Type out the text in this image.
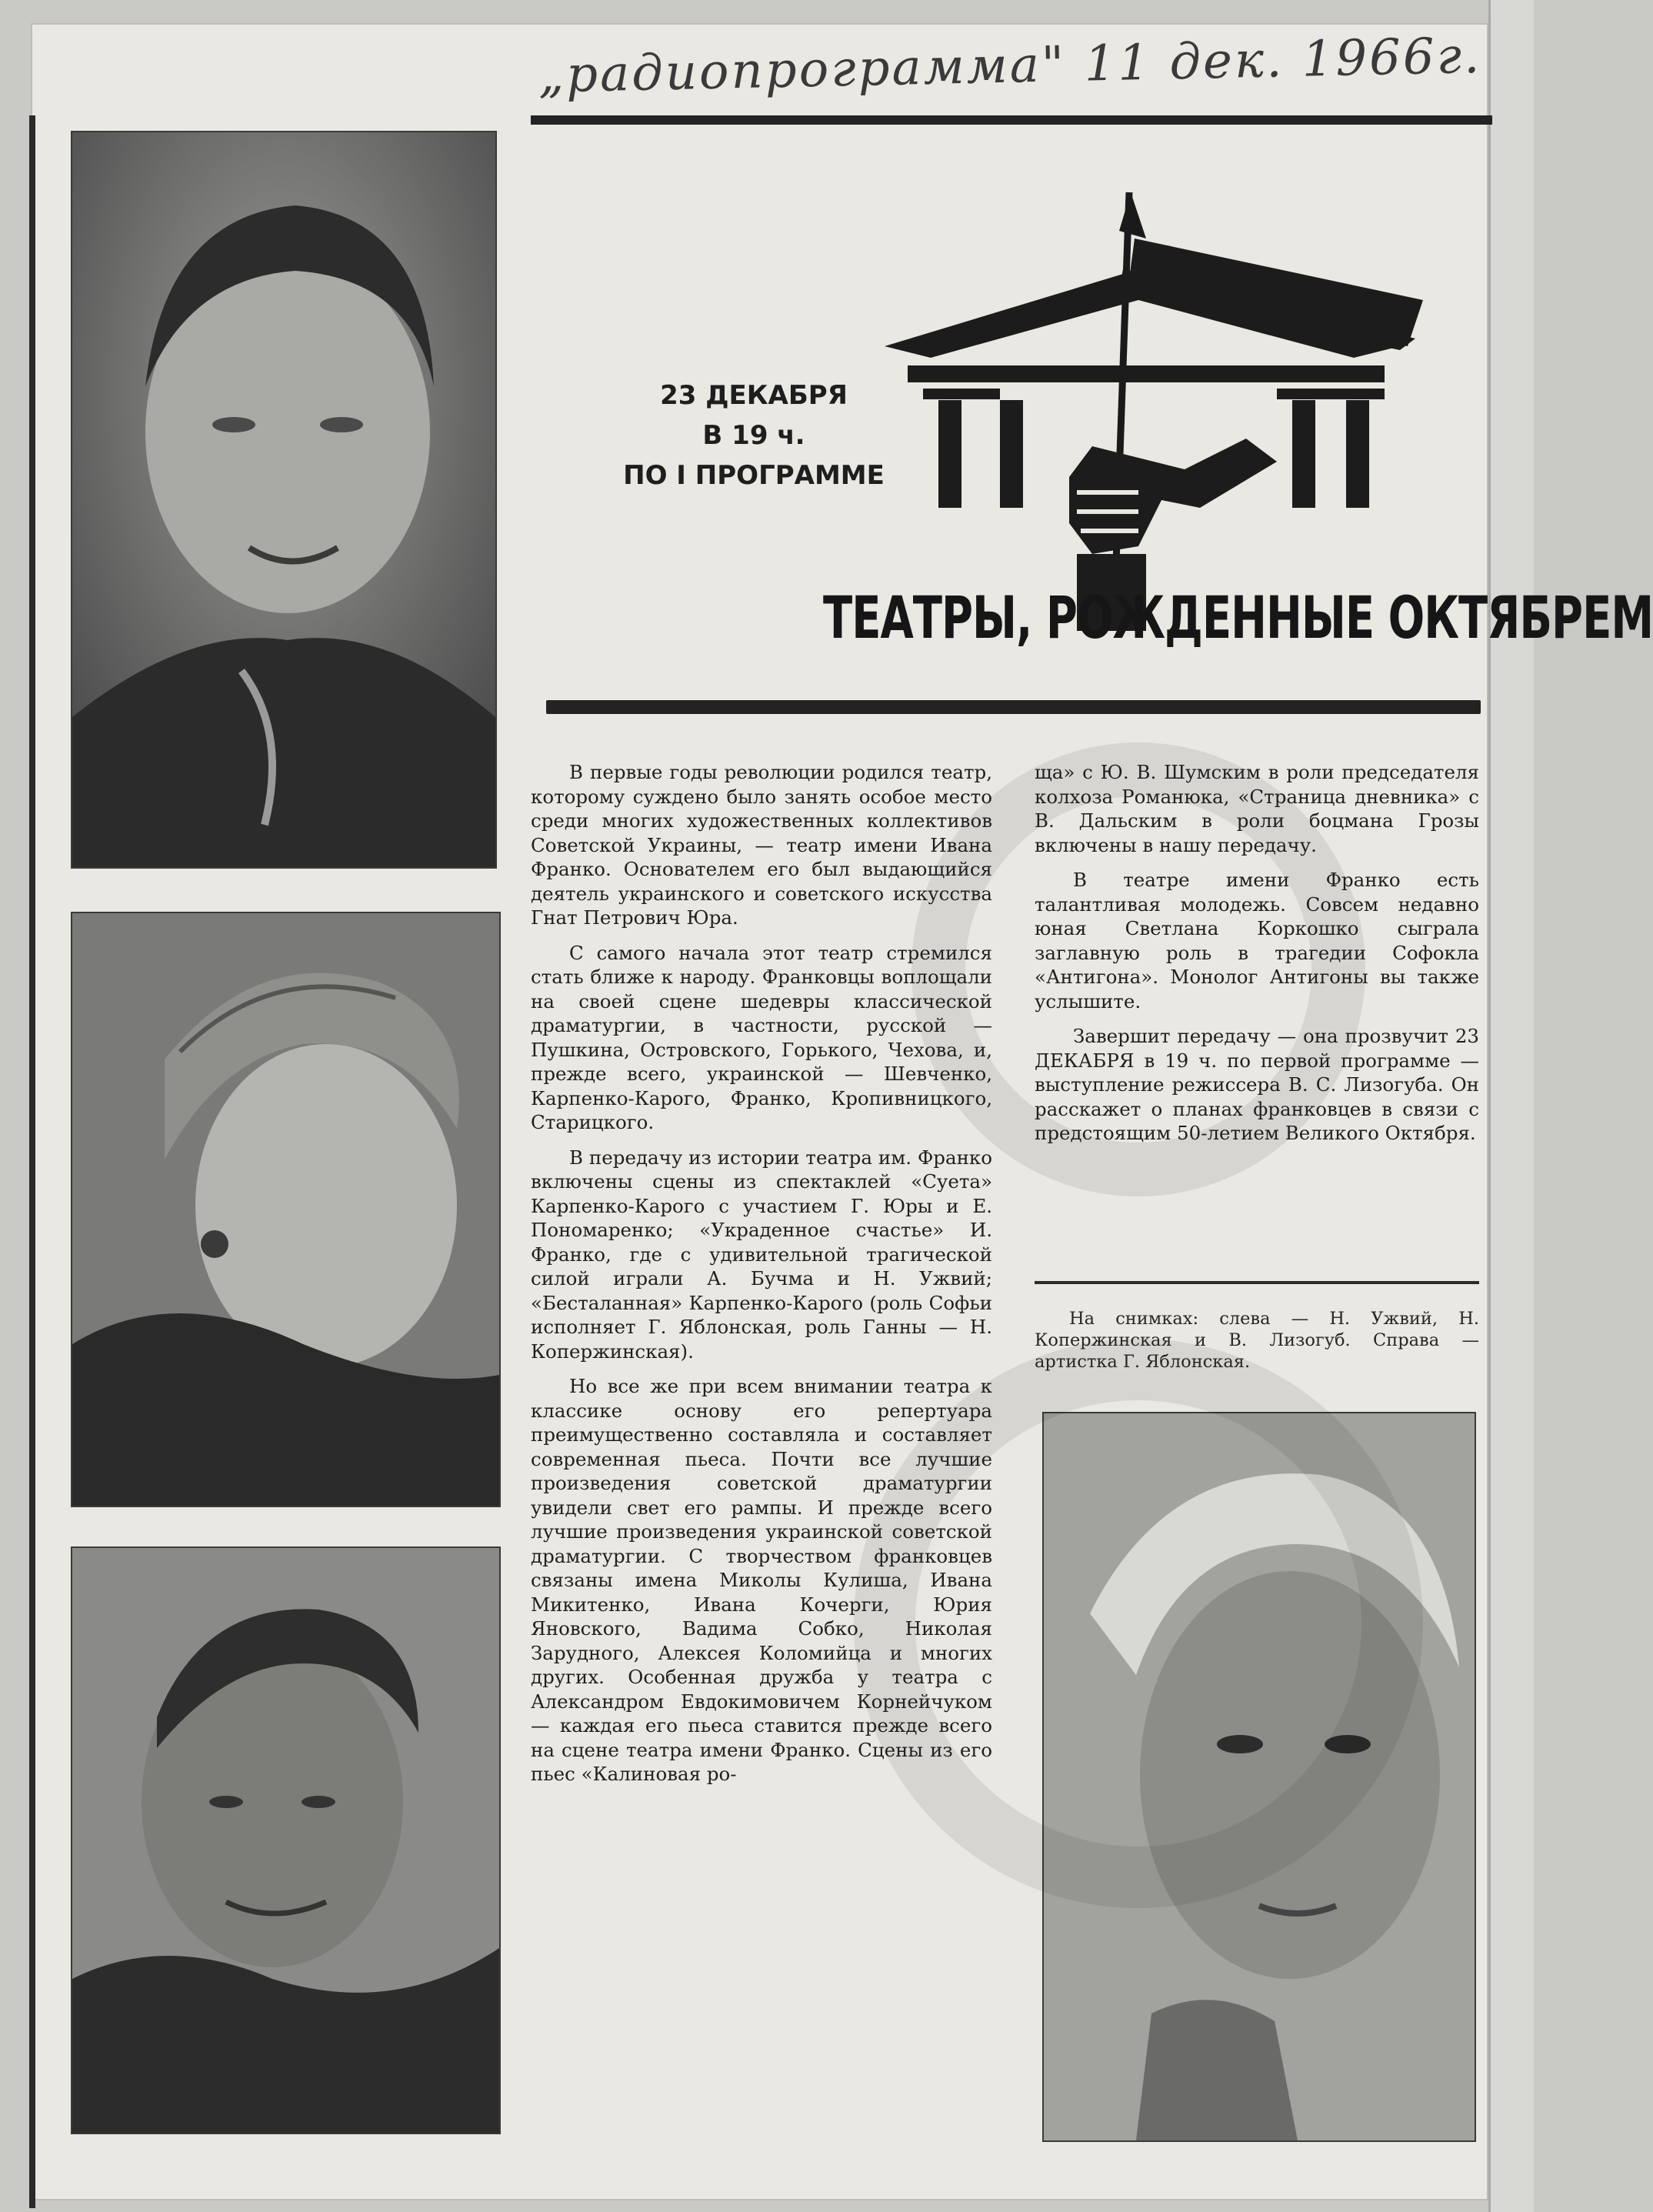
„радиопрограмма" 11 дек. 1966г.
23 ДЕКАБРЯ
В 19 ч.
ПО I ПРОГРАММЕ
ТЕАТРЫ, РОЖДЕННЫЕ ОКТЯБРЕМ

В первые годы революции родился театр, которому суждено было занять особое место среди многих художественных коллективов Советской Украины, — театр имени Ивана Франко. Основателем его был выдающийся деятель украинского и советского искусства Гнат Петрович Юра.

С самого начала этот театр стремился стать ближе к народу. Франковцы воплощали на своей сцене шедевры классической драматургии, в частности, русской — Пушкина, Островского, Горького, Чехова, и, прежде всего, украинской — Шевченко, Карпенко-Карого, Франко, Кропивницкого, Старицкого.

В передачу из истории театра им. Франко включены сцены из спектаклей «Суета» Карпенко-Карого с участием Г. Юры и Е. Пономаренко; «Украденное счастье» И. Франко, где с удивительной трагической силой играли А. Бучма и Н. Ужвий; «Бесталанная» Карпенко-Карого (роль Софьи исполняет Г. Яблонская, роль Ганны — Н. Копержинская).

Но все же при всем внимании театра к классике основу его репертуара преимущественно составляла и составляет современная пьеса. Почти все лучшие произведения советской драматургии увидели свет его рампы. И прежде всего лучшие произведения украинской советской драматургии. С творчеством франковцев связаны имена Миколы Кулиша, Ивана Микитенко, Ивана Кочерги, Юрия Яновского, Вадима Собко, Николая Зарудного, Алексея Коломийца и многих других. Особенная дружба у театра с Александром Евдокимовичем Корнейчуком — каждая его пьеса ставится прежде всего на сцене театра имени Франко. Сцены из его пьес «Калиновая ро-

ща» с Ю. В. Шумским в роли председателя колхоза Романюка, «Страница дневника» с В. Дальским в роли боцмана Грозы включены в нашу передачу.

В театре имени Франко есть талантливая молодежь. Совсем недавно юная Светлана Коркошко сыграла заглавную роль в трагедии Софокла «Антигона». Монолог Антигоны вы также услышите.

Завершит передачу — она прозвучит 23 ДЕКАБРЯ в 19 ч. по первой программе — выступление режиссера В. С. Лизогуба. Он расскажет о планах франковцев в связи с предстоящим 50-летием Великого Октября.

На снимках: слева — Н. Ужвий, Н. Копержинская и В. Лизогуб. Справа — артистка Г. Яблонская.
